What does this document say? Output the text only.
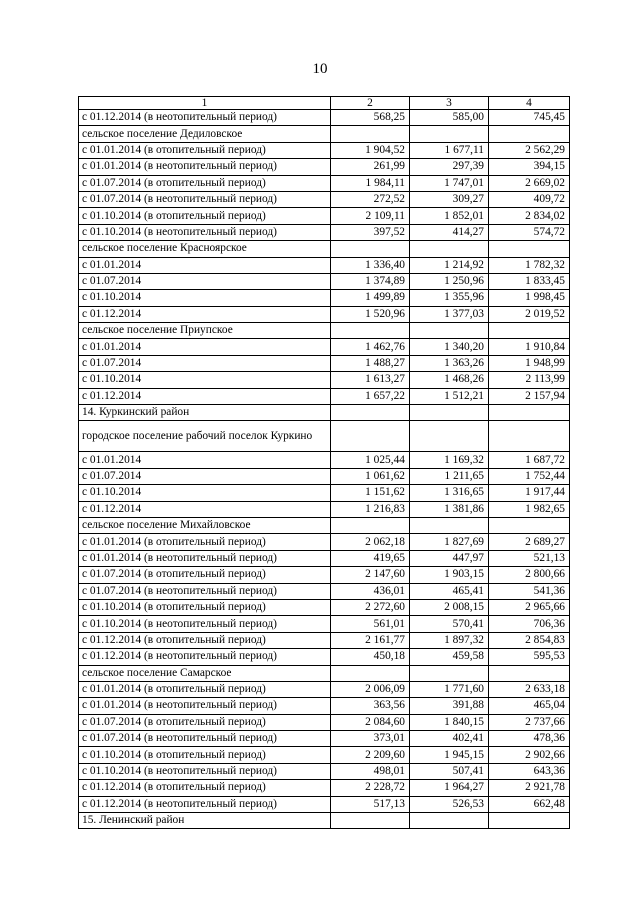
10
1	2	3	4
с 01.12.2014 (в неотопительный период)	568,25	585,00	745,45
сельское поселение Дедиловское			
с 01.01.2014 (в отопительный период)	1 904,52	1 677,11	2 562,29
с 01.01.2014 (в неотопительный период)	261,99	297,39	394,15
с 01.07.2014 (в отопительный период)	1 984,11	1 747,01	2 669,02
с 01.07.2014 (в неотопительный период)	272,52	309,27	409,72
с 01.10.2014 (в отопительный период)	2 109,11	1 852,01	2 834,02
с 01.10.2014 (в неотопительный период)	397,52	414,27	574,72
сельское поселение Красноярское			
с 01.01.2014	1 336,40	1 214,92	1 782,32
с 01.07.2014	1 374,89	1 250,96	1 833,45
с 01.10.2014	1 499,89	1 355,96	1 998,45
с 01.12.2014	1 520,96	1 377,03	2 019,52
сельское поселение Приупское			
с 01.01.2014	1 462,76	1 340,20	1 910,84
с 01.07.2014	1 488,27	1 363,26	1 948,99
с 01.10.2014	1 613,27	1 468,26	2 113,99
с 01.12.2014	1 657,22	1 512,21	2 157,94
14. Куркинский район			
городское поселение рабочий поселок Куркино			
с 01.01.2014	1 025,44	1 169,32	1 687,72
с 01.07.2014	1 061,62	1 211,65	1 752,44
с 01.10.2014	1 151,62	1 316,65	1 917,44
с 01.12.2014	1 216,83	1 381,86	1 982,65
сельское поселение Михайловское			
с 01.01.2014 (в отопительный период)	2 062,18	1 827,69	2 689,27
с 01.01.2014 (в неотопительный период)	419,65	447,97	521,13
с 01.07.2014 (в отопительный период)	2 147,60	1 903,15	2 800,66
с 01.07.2014 (в неотопительный период)	436,01	465,41	541,36
с 01.10.2014 (в отопительный период)	2 272,60	2 008,15	2 965,66
с 01.10.2014 (в неотопительный период)	561,01	570,41	706,36
с 01.12.2014 (в отопительный период)	2 161,77	1 897,32	2 854,83
с 01.12.2014 (в неотопительный период)	450,18	459,58	595,53
сельское поселение Самарское			
с 01.01.2014 (в отопительный период)	2 006,09	1 771,60	2 633,18
с 01.01.2014 (в неотопительный период)	363,56	391,88	465,04
с 01.07.2014 (в отопительный период)	2 084,60	1 840,15	2 737,66
с 01.07.2014 (в неотопительный период)	373,01	402,41	478,36
с 01.10.2014 (в отопительный период)	2 209,60	1 945,15	2 902,66
с 01.10.2014 (в неотопительный период)	498,01	507,41	643,36
с 01.12.2014 (в отопительный период)	2 228,72	1 964,27	2 921,78
с 01.12.2014 (в неотопительный период)	517,13	526,53	662,48
15. Ленинский район			
